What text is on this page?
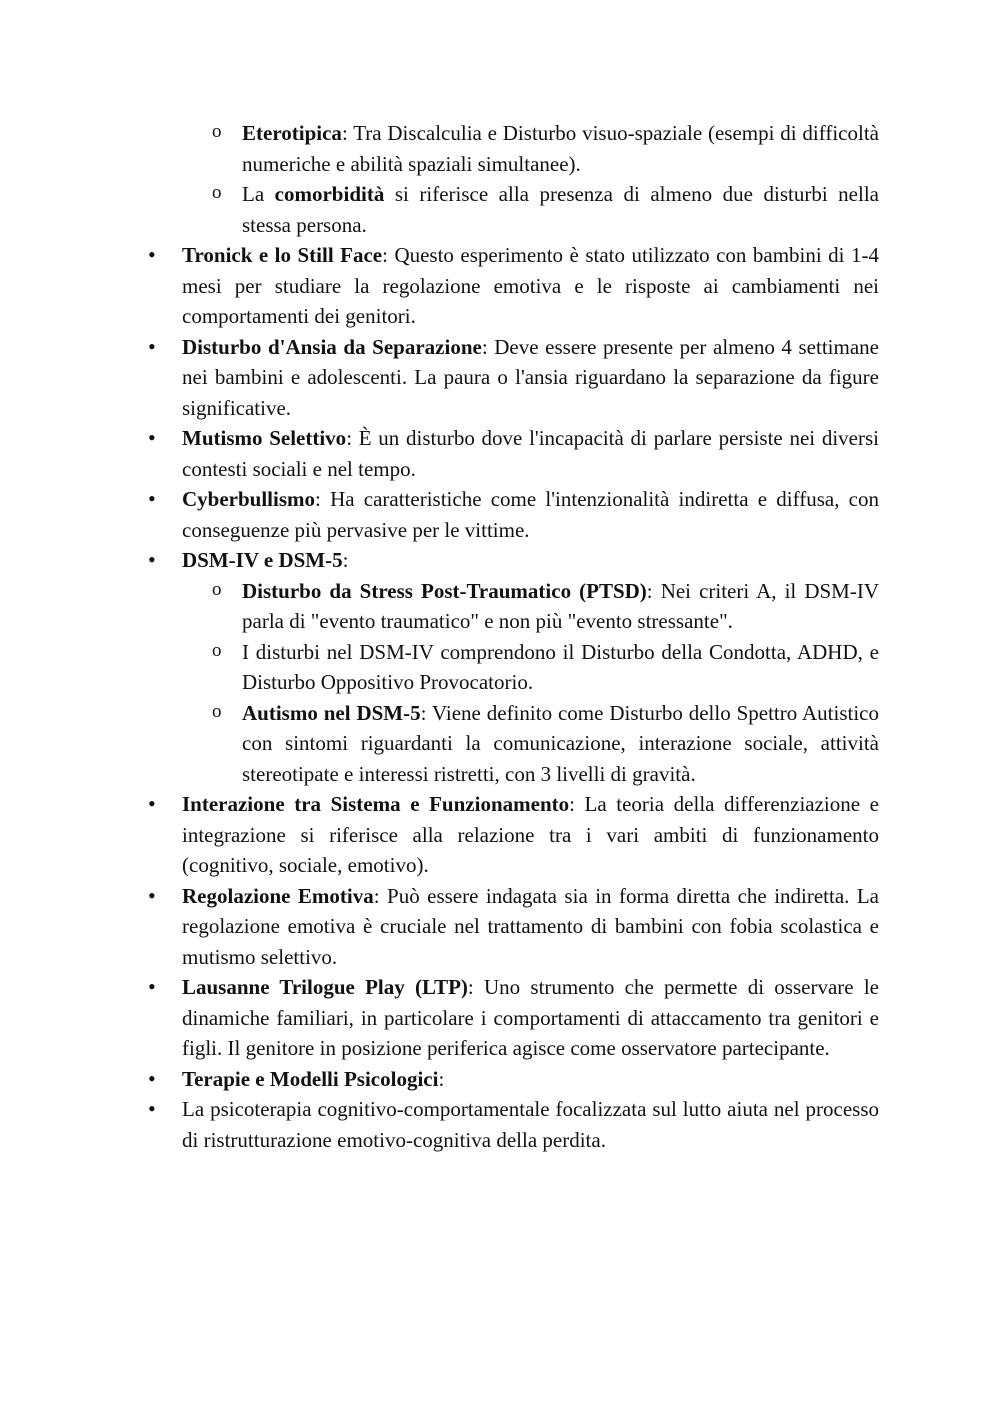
o Eterotipica: Tra Discalculia e Disturbo visuo-spaziale (esempi di difficoltà numeriche e abilità spaziali simultanee).
o La comorbidità si riferisce alla presenza di almeno due disturbi nella stessa persona.
•	Tronick e lo Still Face: Questo esperimento è stato utilizzato con bambini di 1-4 mesi per studiare la regolazione emotiva e le risposte ai cambiamenti nei comportamenti dei genitori.
•	Disturbo d'Ansia da Separazione: Deve essere presente per almeno 4 settimane nei bambini e adolescenti. La paura o l'ansia riguardano la separazione da figure significative.
•	Mutismo Selettivo: È un disturbo dove l'incapacità di parlare persiste nei diversi contesti sociali e nel tempo.
•	Cyberbullismo: Ha caratteristiche come l'intenzionalità indiretta e diffusa, con conseguenze più pervasive per le vittime.
•	DSM-IV e DSM-5:
o Disturbo da Stress Post-Traumatico (PTSD): Nei criteri A, il DSM-IV parla di "evento traumatico" e non più "evento stressante".
o I disturbi nel DSM-IV comprendono il Disturbo della Condotta, ADHD, e Disturbo Oppositivo Provocatorio.
o Autismo nel DSM-5: Viene definito come Disturbo dello Spettro Autistico con sintomi riguardanti la comunicazione, interazione sociale, attività stereotipate e interessi ristretti, con 3 livelli di gravità.
•	Interazione tra Sistema e Funzionamento: La teoria della differenziazione e integrazione si riferisce alla relazione tra i vari ambiti di funzionamento (cognitivo, sociale, emotivo).
•	Regolazione Emotiva: Può essere indagata sia in forma diretta che indiretta. La regolazione emotiva è cruciale nel trattamento di bambini con fobia scolastica e mutismo selettivo.
•	Lausanne Trilogue Play (LTP): Uno strumento che permette di osservare le dinamiche familiari, in particolare i comportamenti di attaccamento tra genitori e figli. Il genitore in posizione periferica agisce come osservatore partecipante.
•	Terapie e Modelli Psicologici:
•	La psicoterapia cognitivo-comportamentale focalizzata sul lutto aiuta nel processo di ristrutturazione emotivo-cognitiva della perdita.
